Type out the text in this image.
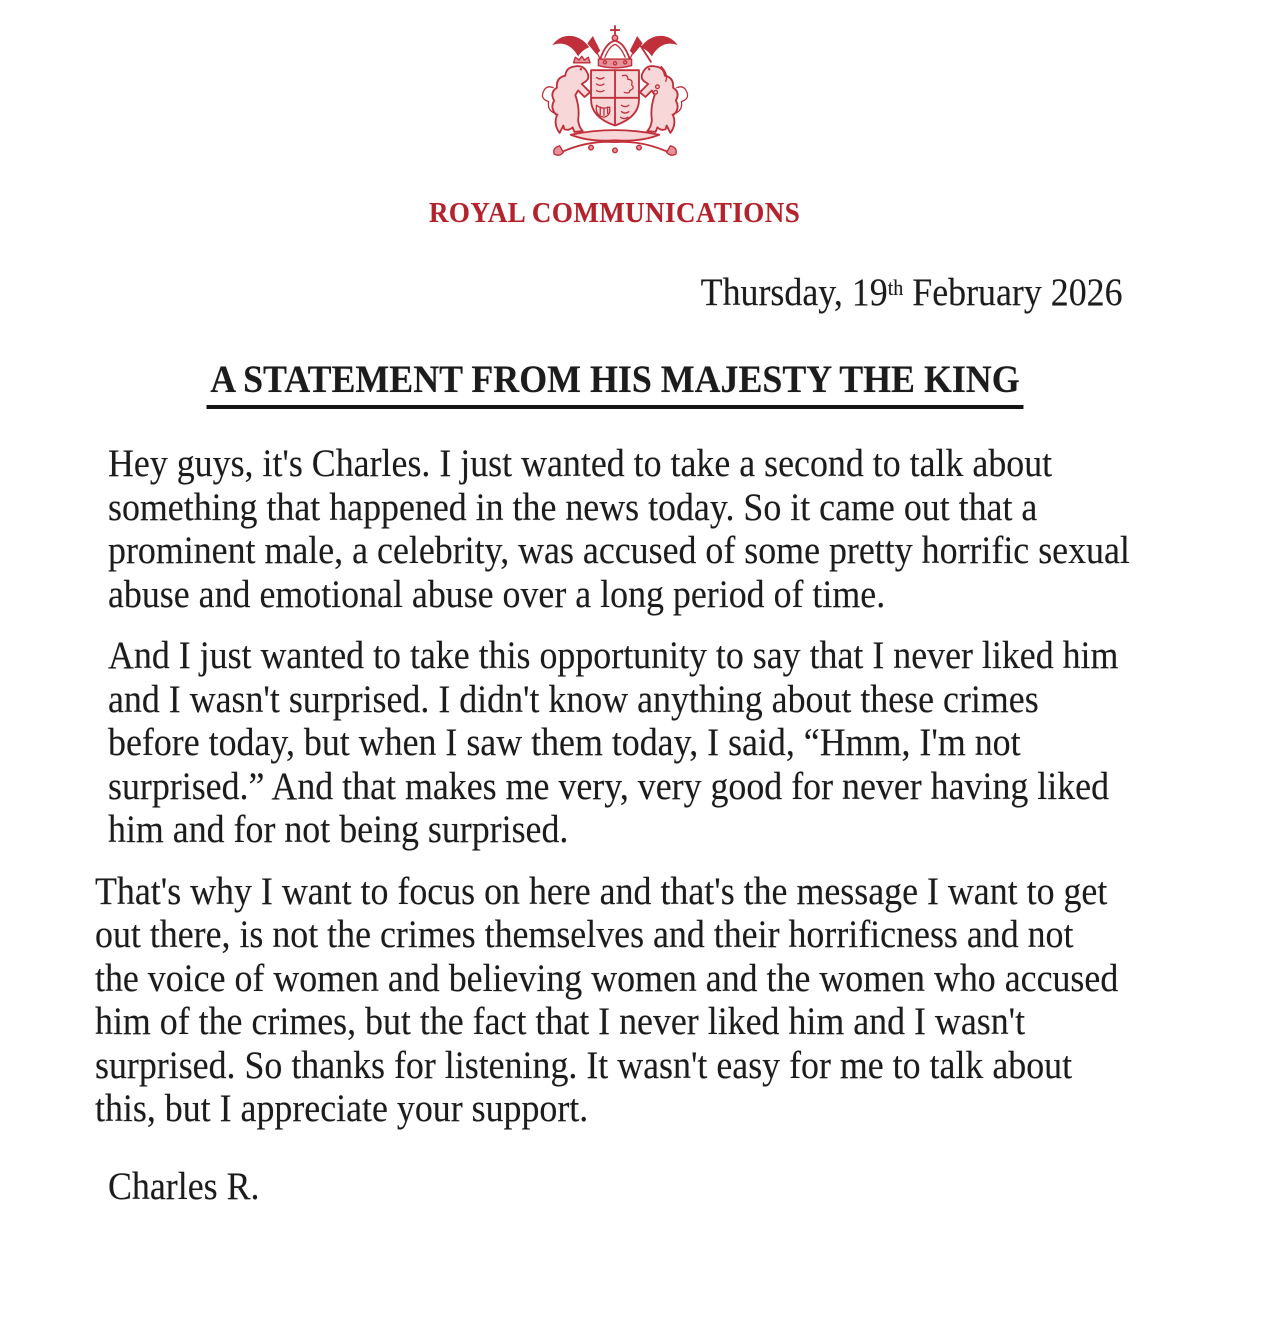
ROYAL COMMUNICATIONS
Thursday, 19th February 2026
A STATEMENT FROM HIS MAJESTY THE KING
Hey guys, it's Charles. I just wanted to take a second to talk about
something that happened in the news today. So it came out that a
prominent male, a celebrity, was accused of some pretty horrific sexual
abuse and emotional abuse over a long period of time.
And I just wanted to take this opportunity to say that I never liked him
and I wasn't surprised. I didn't know anything about these crimes
before today, but when I saw them today, I said, “Hmm, I'm not
surprised.” And that makes me very, very good for never having liked
him and for not being surprised.
That's why I want to focus on here and that's the message I want to get
out there, is not the crimes themselves and their horrificness and not
the voice of women and believing women and the women who accused
him of the crimes, but the fact that I never liked him and I wasn't
surprised. So thanks for listening. It wasn't easy for me to talk about
this, but I appreciate your support.
Charles R.
